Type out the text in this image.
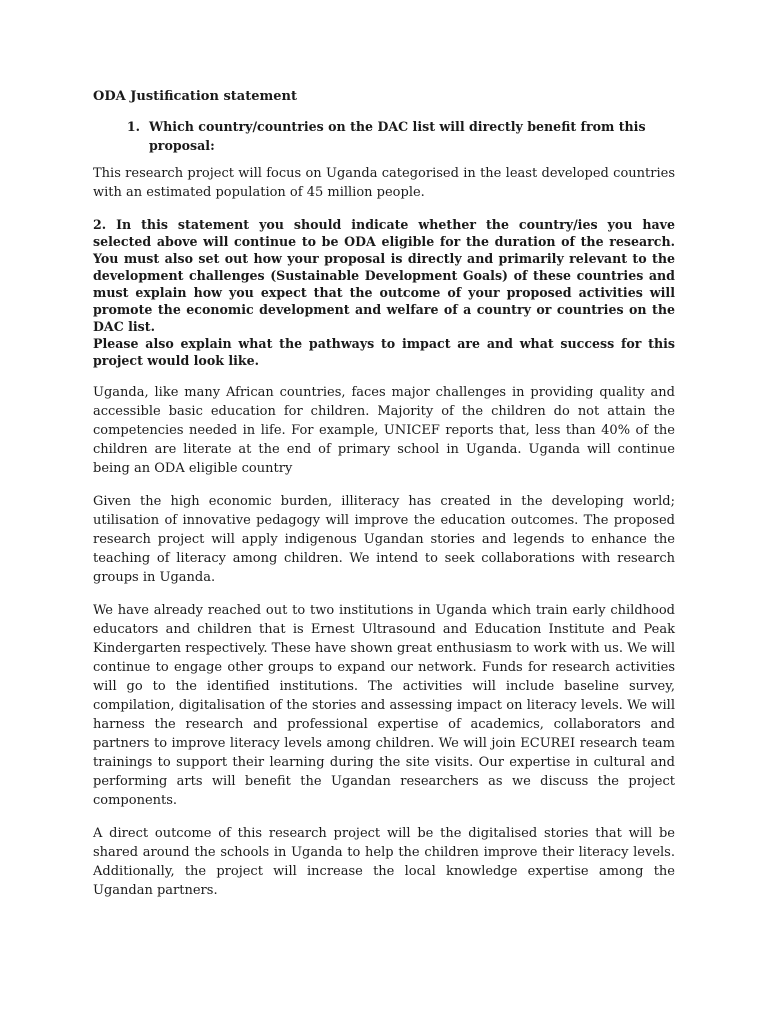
ODA Justification statement

1. Which country/countries on the DAC list will directly benefit from this proposal:

This research project will focus on Uganda categorised in the least developed countries with an estimated population of 45 million people.

2. In this statement you should indicate whether the country/ies you have selected above will continue to be ODA eligible for the duration of the research. You must also set out how your proposal is directly and primarily relevant to the development challenges (Sustainable Development Goals) of these countries and must explain how you expect that the outcome of your proposed activities will promote the economic development and welfare of a country or countries on the DAC list.

Please also explain what the pathways to impact are and what success for this project would look like.

Uganda, like many African countries, faces major challenges in providing quality and accessible basic education for children. Majority of the children do not attain the competencies needed in life. For example, UNICEF reports that, less than 40% of the children are literate at the end of primary school in Uganda. Uganda will continue being an ODA eligible country

Given the high economic burden, illiteracy has created in the developing world; utilisation of innovative pedagogy will improve the education outcomes. The proposed research project will apply indigenous Ugandan stories and legends to enhance the teaching of literacy among children. We intend to seek collaborations with research groups in Uganda.

We have already reached out to two institutions in Uganda which train early childhood educators and children that is Ernest Ultrasound and Education Institute and Peak Kindergarten respectively. These have shown great enthusiasm to work with us. We will continue to engage other groups to expand our network. Funds for research activities will go to the identified institutions. The activities will include baseline survey, compilation, digitalisation of the stories and assessing impact on literacy levels. We will harness the research and professional expertise of academics, collaborators and partners to improve literacy levels among children. We will join ECUREI research team trainings to support their learning during the site visits. Our expertise in cultural and performing arts will benefit the Ugandan researchers as we discuss the project components.

A direct outcome of this research project will be the digitalised stories that will be shared around the schools in Uganda to help the children improve their literacy levels. Additionally, the project will increase the local knowledge expertise among the Ugandan partners.
